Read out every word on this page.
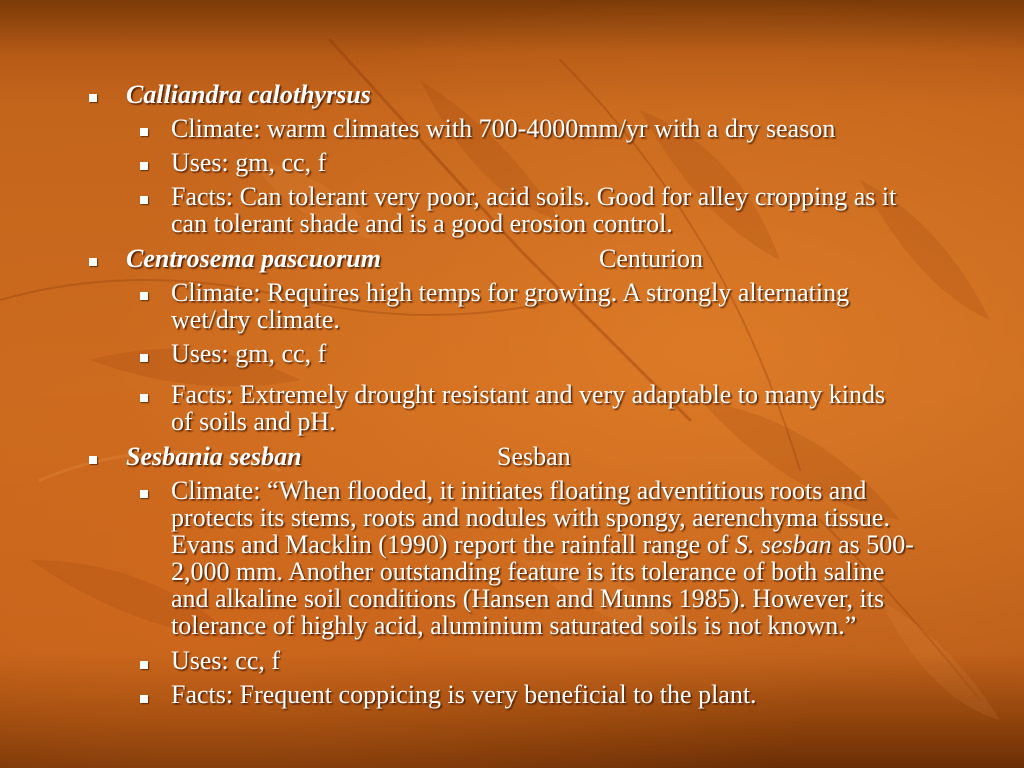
Calliandra calothyrsus
Climate: warm climates with 700-4000mm/yr with a dry season
Uses: gm, cc, f
Facts: Can tolerant very poor, acid soils. Good for alley cropping as it
can tolerant shade and is a good erosion control.
Centrosema pascuorum	Centurion
Climate: Requires high temps for growing. A strongly alternating
wet/dry climate.
Uses: gm, cc, f
Facts: Extremely drought resistant and very adaptable to many kinds
of soils and pH.
Sesbania sesban	Sesban
Climate: “When flooded, it initiates floating adventitious roots and
protects its stems, roots and nodules with spongy, aerenchyma tissue.
Evans and Macklin (1990) report the rainfall range of S. sesban as 500-
2,000 mm. Another outstanding feature is its tolerance of both saline
and alkaline soil conditions (Hansen and Munns 1985). However, its
tolerance of highly acid, aluminium saturated soils is not known.”
Uses: cc, f
Facts: Frequent coppicing is very beneficial to the plant.
